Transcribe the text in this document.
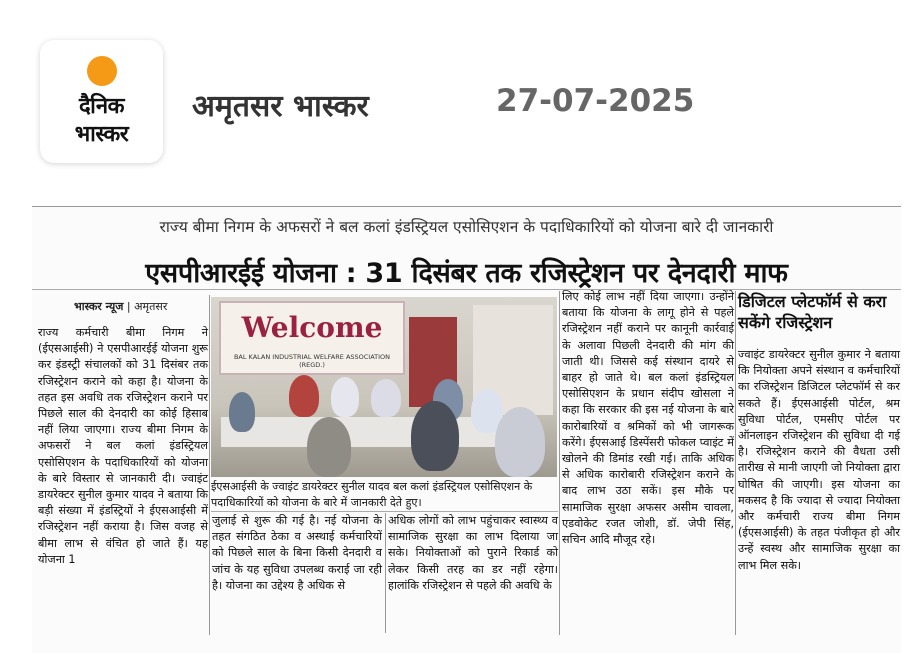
दैनिक
भास्कर
अमृतसर भास्कर	27-07-2025
राज्य बीमा निगम के अफसरों ने बल कलां इंडस्ट्रियल एसोसिएशन के पदाधिकारियों को योजना बारे दी जानकारी
एसपीआरईई योजना : 31 दिसंबर तक रजिस्ट्रेशन पर देनदारी माफ
भास्कर न्यूज | अमृतसर
राज्य कर्मचारी बीमा निगम ने (ईएसआईसी) ने एसपीआरईई योजना शुरू कर इंडस्ट्री संचालकों को 31 दिसंबर तक रजिस्ट्रेशन कराने को कहा है। योजना के तहत इस अवधि तक रजिस्ट्रेशन कराने पर पिछले साल की देनदारी का कोई हिसाब नहीं लिया जाएगा। राज्य बीमा निगम के अफसरों ने बल कलां इंडस्ट्रियल एसोसिएशन के पदाधिकारियों को योजना के बारे विस्तार से जानकारी दी। ज्वाइंट डायरेक्टर सुनील कुमार यादव ने बताया कि बड़ी संख्या में इंडस्ट्रियों ने ईएसआईसी में रजिस्ट्रेशन नहीं कराया है। जिस वजह से बीमा लाभ से वंचित हो जाते हैं। यह योजना 1
Welcome
BAL KALAN INDUSTRIAL WELFARE ASSOCIATION (REGD.)
ईएसआईसी के ज्वाइंट डायरेक्टर सुनील यादव बल कलां इंडस्ट्रियल एसोसिएशन के पदाधिकारियों को योजना के बारे में जानकारी देते हुए।
जुलाई से शुरू की गई है। नई योजना के तहत संगठित ठेका व अस्थाई कर्मचारियों को पिछले साल के बिना किसी देनदारी व जांच के यह सुविधा उपलब्ध कराई जा रही है। योजना का उद्देश्य है अधिक से
अधिक लोगों को लाभ पहुंचाकर स्वास्थ्य व सामाजिक सुरक्षा का लाभ दिलाया जा सके। नियोक्ताओं को पुराने रिकार्ड को लेकर किसी तरह का डर नहीं रहेगा। हालांकि रजिस्ट्रेशन से पहले की अवधि के
लिए कोई लाभ नहीं दिया जाएगा। उन्होंने बताया कि योजना के लागू होने से पहले रजिस्ट्रेशन नहीं कराने पर कानूनी कार्रवाई के अलावा पिछली देनदारी की मांग की जाती थी। जिससे कई संस्थान दायरे से बाहर हो जाते थे। बल कलां इंडस्ट्रियल एसोसिएशन के प्रधान संदीप खोसला ने कहा कि सरकार की इस नई योजना के बारे कारोबारियों व श्रमिकों को भी जागरूक करेंगे। ईएसआई डिस्पेंसरी फोकल प्वाइंट में खोलने की डिमांड रखी गई। ताकि अधिक से अधिक कारोबारी रजिस्ट्रेशन कराने के बाद लाभ उठा सकें। इस मौके पर सामाजिक सुरक्षा अफसर असीम चावला, एडवोकेट रजत जोशी, डॉ. जेपी सिंह, सचिन आदि मौजूद रहे।
डिजिटल प्लेटफॉर्म से करा सकेंगे रजिस्ट्रेशन
ज्वाइंट डायरेक्टर सुनील कुमार ने बताया कि नियोक्ता अपने संस्थान व कर्मचारियों का रजिस्ट्रेशन डिजिटल प्लेटफॉर्म से कर सकते हैं। ईएसआईसी पोर्टल, श्रम सुविधा पोर्टल, एमसीए पोर्टल पर ऑनलाइन रजिस्ट्रेशन की सुविधा दी गई है। रजिस्ट्रेशन कराने की वैधता उसी तारीख से मानी जाएगी जो नियोक्ता द्वारा घोषित की जाएगी। इस योजना का मकसद है कि ज्यादा से ज्यादा नियोक्ता और कर्मचारी राज्य बीमा निगम (ईएसआईसी) के तहत पंजीकृत हो और उन्हें स्वस्थ और सामाजिक सुरक्षा का लाभ मिल सके।
